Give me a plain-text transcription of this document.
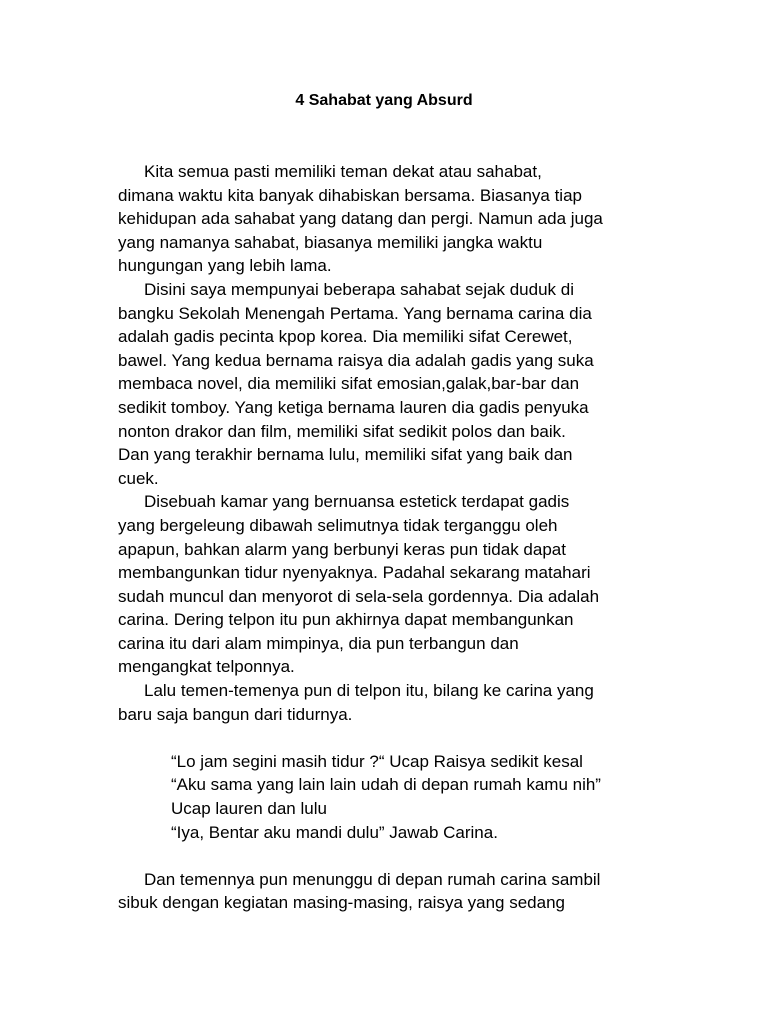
4 Sahabat yang Absurd
Kita semua pasti memiliki teman dekat atau sahabat,
dimana waktu kita banyak dihabiskan bersama. Biasanya tiap
kehidupan ada sahabat yang datang dan pergi. Namun ada juga
yang namanya sahabat, biasanya memiliki jangka waktu
hungungan yang lebih lama.
Disini saya mempunyai beberapa sahabat sejak duduk di
bangku Sekolah Menengah Pertama. Yang bernama carina dia
adalah gadis pecinta kpop korea. Dia memiliki sifat Cerewet,
bawel. Yang kedua bernama raisya dia adalah gadis yang suka
membaca novel, dia memiliki sifat emosian,galak,bar-bar dan
sedikit tomboy. Yang ketiga bernama lauren dia gadis penyuka
nonton drakor dan film, memiliki sifat sedikit polos dan baik.
Dan yang terakhir bernama lulu, memiliki sifat yang baik dan
cuek.
Disebuah kamar yang bernuansa estetick terdapat gadis
yang bergeleung dibawah selimutnya tidak terganggu oleh
apapun, bahkan alarm yang berbunyi keras pun tidak dapat
membangunkan tidur nyenyaknya. Padahal sekarang matahari
sudah muncul dan menyorot di sela-sela gordennya. Dia adalah
carina. Dering telpon itu pun akhirnya dapat membangunkan
carina itu dari alam mimpinya, dia pun terbangun dan
mengangkat telponnya.
Lalu temen-temenya pun di telpon itu, bilang ke carina yang
baru saja bangun dari tidurnya.
“Lo jam segini masih tidur ?“ Ucap Raisya sedikit kesal
“Aku sama yang lain lain udah di depan rumah kamu nih”
Ucap lauren dan lulu
“Iya, Bentar aku mandi dulu” Jawab Carina.
Dan temennya pun menunggu di depan rumah carina sambil
sibuk dengan kegiatan masing-masing, raisya yang sedang
